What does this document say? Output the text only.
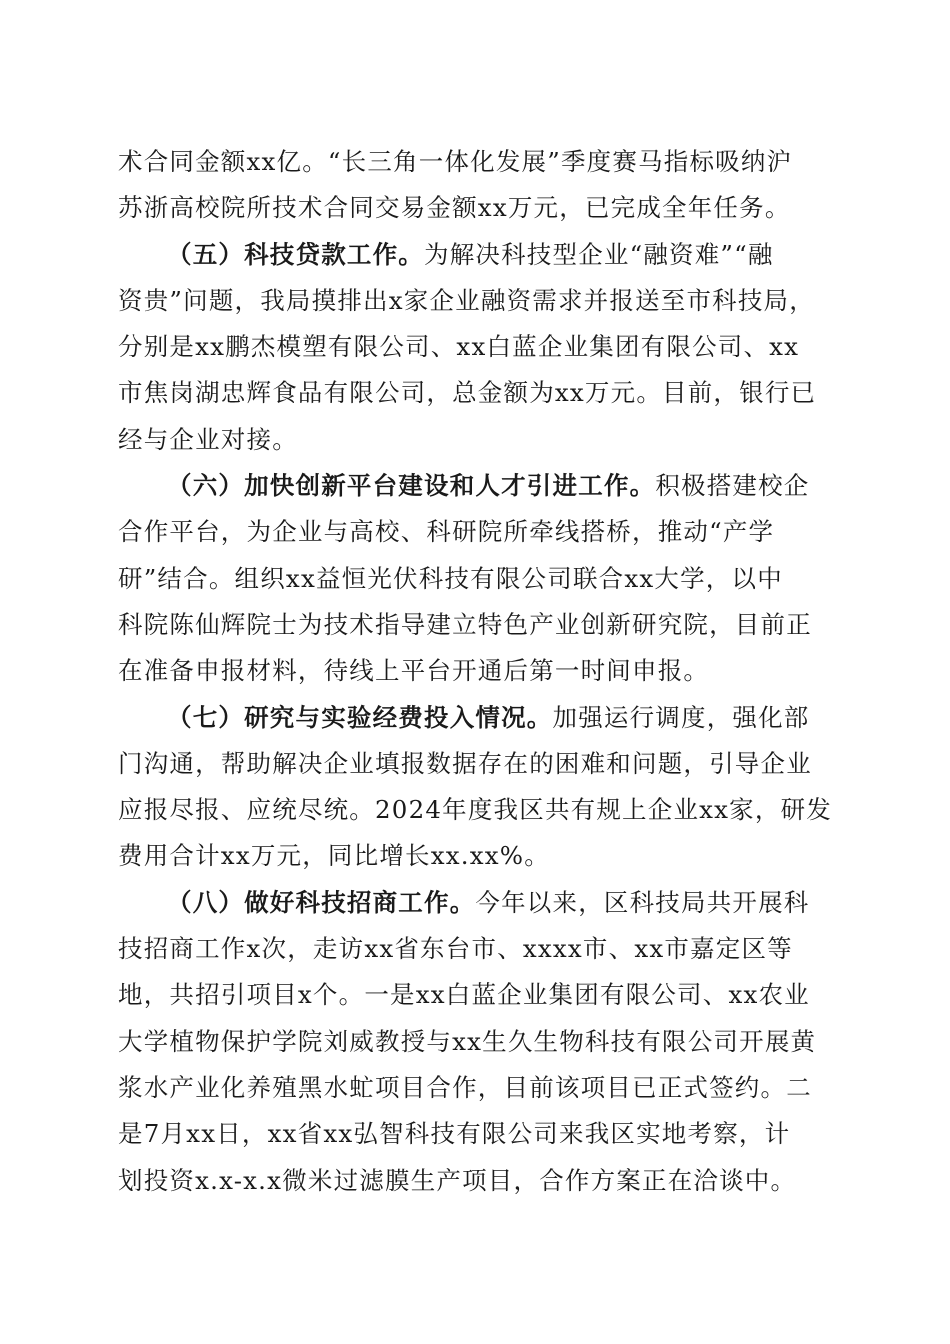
术合同金额xx亿。“长三角一体化发展”季度赛马指标吸纳沪
苏浙高校院所技术合同交易金额xx万元，已完成全年任务。
（五）科技贷款工作。为解决科技型企业“融资难”“融
资贵”问题，我局摸排出x家企业融资需求并报送至市科技局，
分别是xx鹏杰模塑有限公司、xx白蓝企业集团有限公司、xx
市焦岗湖忠辉食品有限公司，总金额为xx万元。目前，银行已
经与企业对接。
（六）加快创新平台建设和人才引进工作。积极搭建校企
合作平台，为企业与高校、科研院所牵线搭桥，推动“产学
研”结合。组织xx益恒光伏科技有限公司联合xx大学，以中
科院陈仙辉院士为技术指导建立特色产业创新研究院，目前正
在准备申报材料，待线上平台开通后第一时间申报。
（七）研究与实验经费投入情况。加强运行调度，强化部
门沟通，帮助解决企业填报数据存在的困难和问题，引导企业
应报尽报、应统尽统。2024年度我区共有规上企业xx家，研发
费用合计xx万元，同比增长xx.xx%。
（八）做好科技招商工作。今年以来，区科技局共开展科
技招商工作x次，走访xx省东台市、xxxx市、xx市嘉定区等
地，共招引项目x个。一是xx白蓝企业集团有限公司、xx农业
大学植物保护学院刘威教授与xx生久生物科技有限公司开展黄
浆水产业化养殖黑水虻项目合作，目前该项目已正式签约。二
是7月xx日，xx省xx弘智科技有限公司来我区实地考察，计
划投资x.x-x.x微米过滤膜生产项目，合作方案正在洽谈中。
